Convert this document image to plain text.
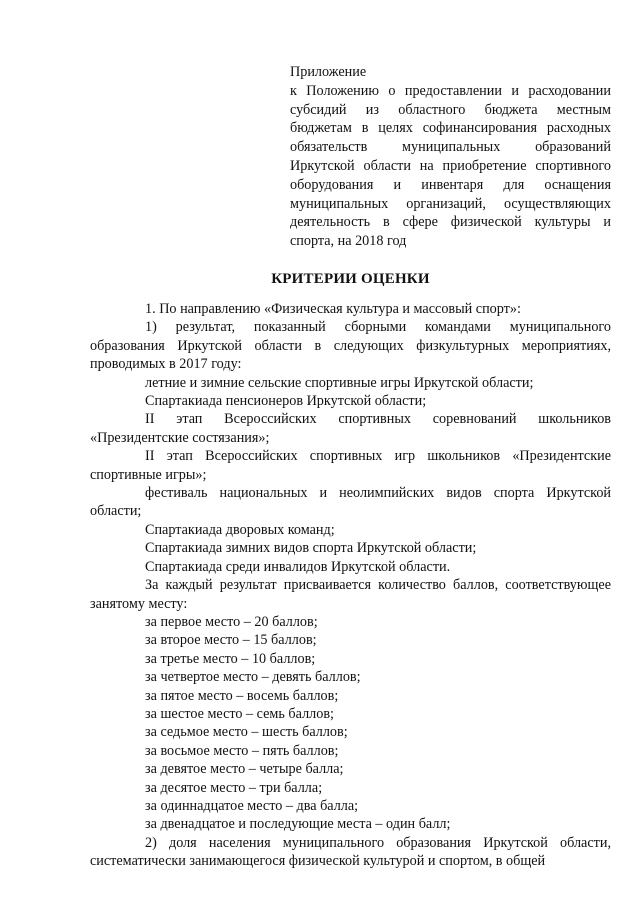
Приложение
к Положению о предоставлении и расходовании субсидий из областного бюджета местным бюджетам в целях софинансирования расходных обязательств муниципальных образований Иркутской области на приобретение спортивного оборудования и инвентаря для оснащения муниципальных организаций, осуществляющих деятельность в сфере физической культуры и спорта, на 2018 год
КРИТЕРИИ ОЦЕНКИ

1. По направлению «Физическая культура и массовый спорт»:

1) результат, показанный сборными командами муниципального образования Иркутской области в следующих физкультурных мероприятиях, проводимых в 2017 году:

летние и зимние сельские спортивные игры Иркутской области;

Спартакиада пенсионеров Иркутской области;

II этап Всероссийских спортивных соревнований школьников «Президентские состязания»;

II этап Всероссийских спортивных игр школьников «Президентские спортивные игры»;

фестиваль национальных и неолимпийских видов спорта Иркутской области;

Спартакиада дворовых команд;

Спартакиада зимних видов спорта Иркутской области;

Спартакиада среди инвалидов Иркутской области.

За каждый результат присваивается количество баллов, соответствующее занятому месту:

за первое место – 20 баллов;
за второе место – 15 баллов;
за третье место – 10 баллов;
за четвертое место – девять баллов;
за пятое место – восемь баллов;
за шестое место – семь баллов;
за седьмое место – шесть баллов;
за восьмое место – пять баллов;
за девятое место – четыре балла;
за десятое место – три балла;
за одиннадцатое место – два балла;
за двенадцатое и последующие места – один балл;

2) доля населения муниципального образования Иркутской области, систематически занимающегося физической культурой и спортом, в общей
